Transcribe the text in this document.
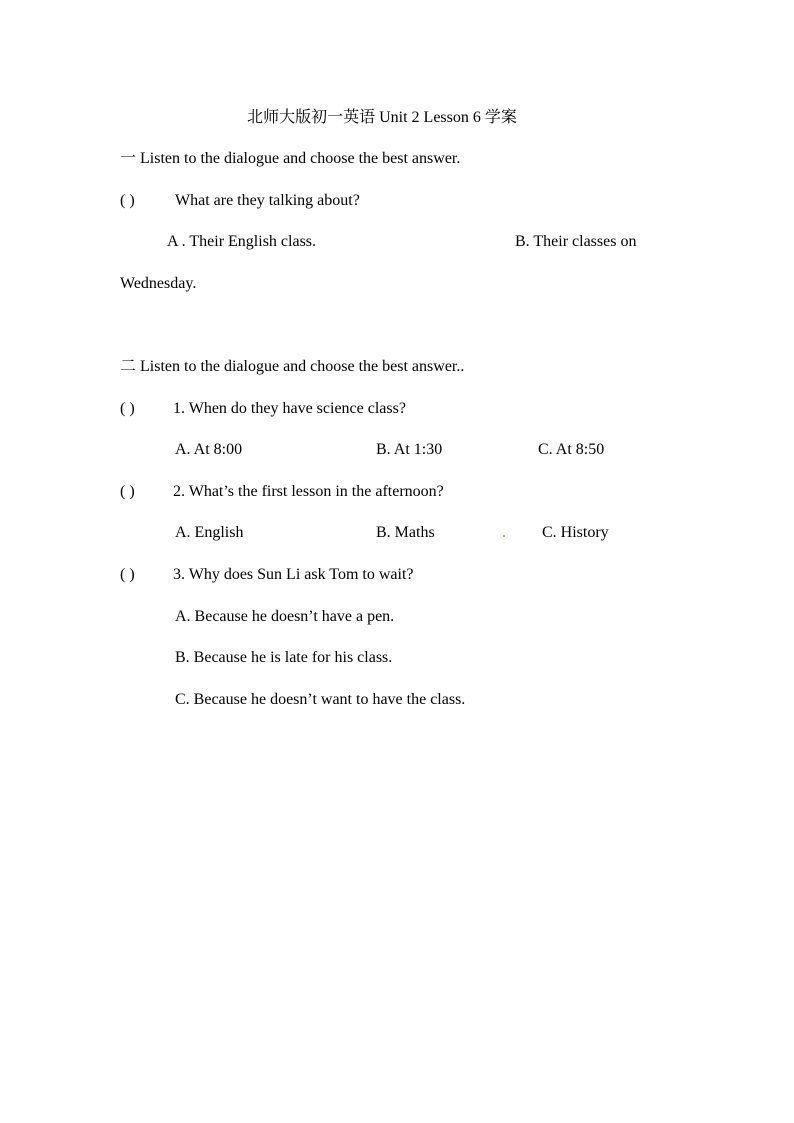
北师大版初一英语 Unit 2 Lesson 6 学案
一 Listen to the dialogue and choose the best answer.
( )	What are they talking about?
A . Their English class.	B. Their classes on
Wednesday.
二 Listen to the dialogue and choose the best answer..
( ) 1. When do they have science class?
A. At 8:00	B. At 1:30	C. At 8:50
( ) 2. What’s the first lesson in the afternoon?
A. English	B. Maths	. C. History
( ) 3. Why does Sun Li ask Tom to wait?
A. Because he doesn’t have a pen.
B. Because he is late for his class.
C. Because he doesn’t want to have the class.
